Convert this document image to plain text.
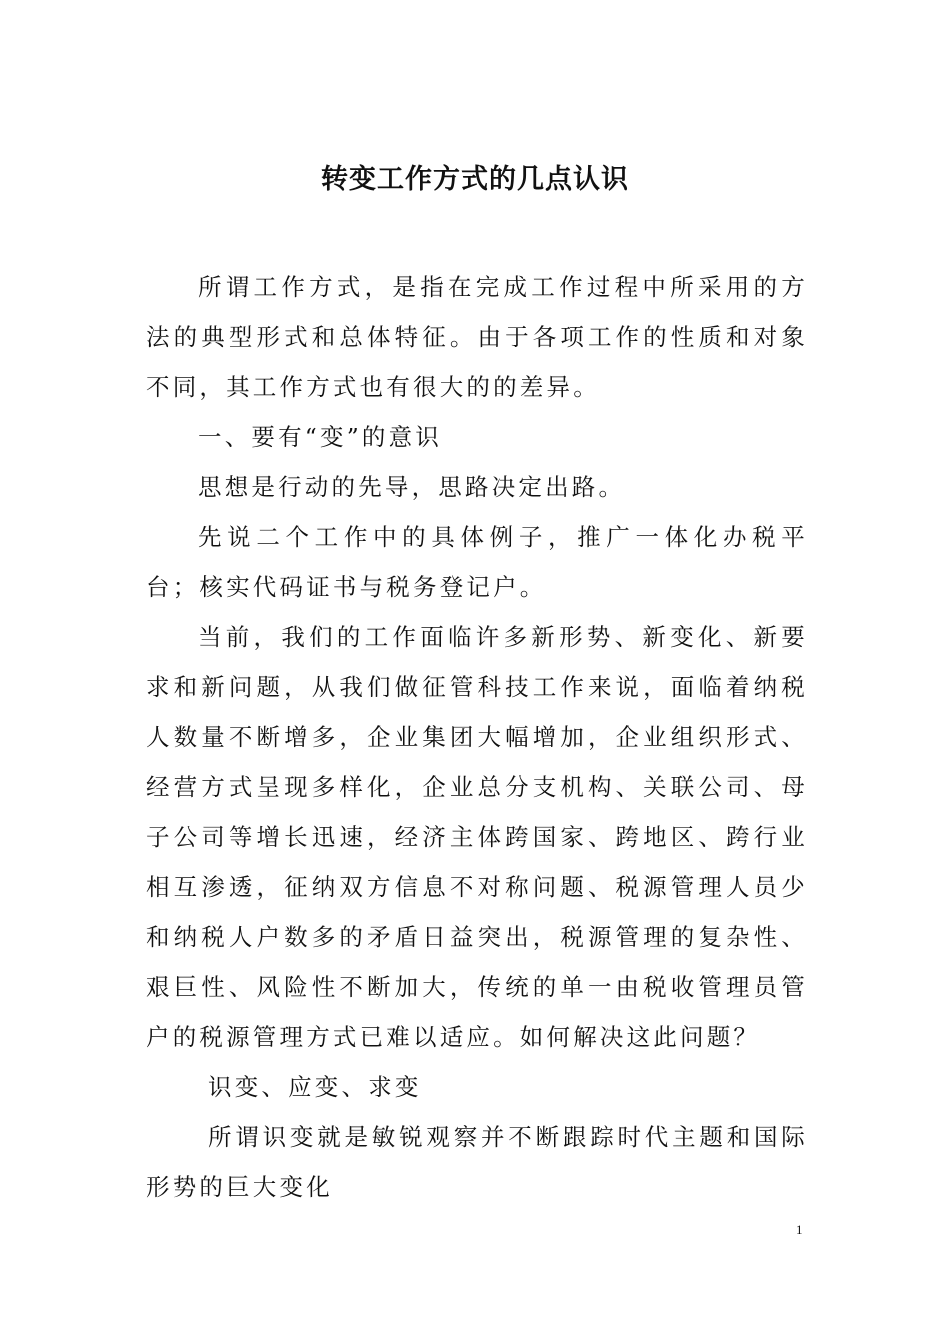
转变工作方式的几点认识

所谓工作方式，是指在完成工作过程中所采用的方法的典型形式和总体特征。由于各项工作的性质和对象不同，其工作方式也有很大的的差异。

一、要有“变”的意识

思想是行动的先导，思路决定出路。

先说二个工作中的具体例子，推广一体化办税平台；核实代码证书与税务登记户。

当前，我们的工作面临许多新形势、新变化、新要求和新问题，从我们做征管科技工作来说，面临着纳税人数量不断增多，企业集团大幅增加，企业组织形式、经营方式呈现多样化，企业总分支机构、关联公司、母子公司等增长迅速，经济主体跨国家、跨地区、跨行业相互渗透，征纳双方信息不对称问题、税源管理人员少和纳税人户数多的矛盾日益突出，税源管理的复杂性、艰巨性、风险性不断加大，传统的单一由税收管理员管户的税源管理方式已难以适应。如何解决这此问题？

识变、应变、求变

所谓识变就是敏锐观察并不断跟踪时代主题和国际形势的巨大变化

1
